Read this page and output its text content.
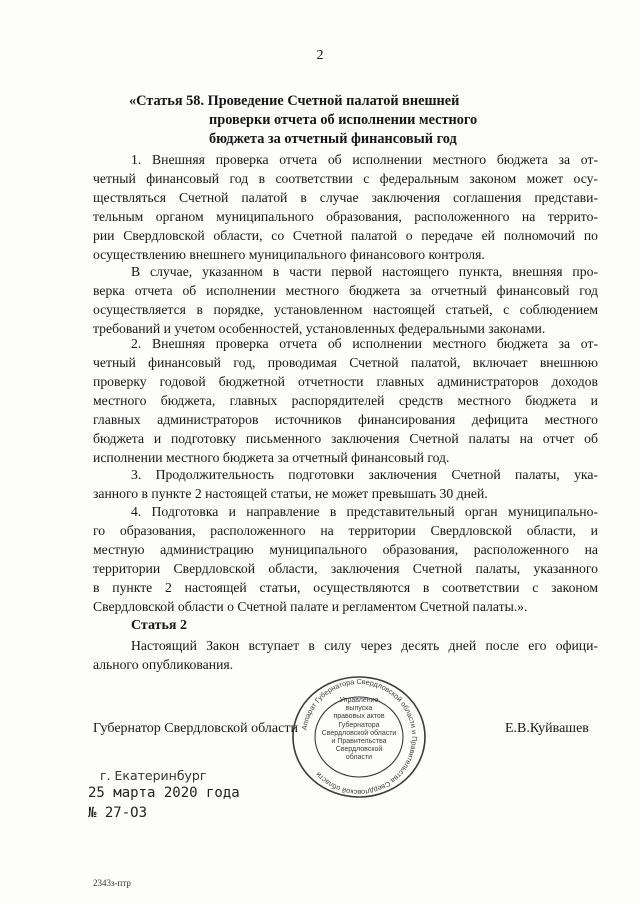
2
«Статья 58. Проведение Счетной палатой внешней
проверки отчета об исполнении местного
бюджета за отчетный финансовый год
1. Внешняя проверка отчета об исполнении местного бюджета за от-
четный финансовый год в соответствии с федеральным законом может осу-
ществляться Счетной палатой в случае заключения соглашения представи-
тельным органом муниципального образования, расположенного на террито-
рии Свердловской области, со Счетной палатой о передаче ей полномочий по
осуществлению внешнего муниципального финансового контроля.
В случае, указанном в части первой настоящего пункта, внешняя про-
верка отчета об исполнении местного бюджета за отчетный финансовый год
осуществляется в порядке, установленном настоящей статьей, с соблюдением
требований и учетом особенностей, установленных федеральными законами.
2. Внешняя проверка отчета об исполнении местного бюджета за от-
четный финансовый год, проводимая Счетной палатой, включает внешнюю
проверку годовой бюджетной отчетности главных администраторов доходов
местного бюджета, главных распорядителей средств местного бюджета и
главных администраторов источников финансирования дефицита местного
бюджета и подготовку письменного заключения Счетной палаты на отчет об
исполнении местного бюджета за отчетный финансовый год.
3. Продолжительность подготовки заключения Счетной палаты, ука-
занного в пункте 2 настоящей статьи, не может превышать 30 дней.
4. Подготовка и направление в представительный орган муниципально-
го образования, расположенного на территории Свердловской области, и
местную администрацию муниципального образования, расположенного на
территории Свердловской области, заключения Счетной палаты, указанного
в пункте 2 настоящей статьи, осуществляются в соответствии с законом
Свердловской области о Счетной палате и регламентом Счетной палаты.».
Статья 2
Настоящий Закон вступает в силу через десять дней после его офици-
ального опубликования.
Губернатор Свердловской области	Е.В.Куйвашев
Аппарат Губернатора Свердловской области и Правительства Свердловской области
Управление
выпуска
правовых актов
Губернатора
Свердловской области
и Правительства
Свердловской
области
г. Екатеринбург
25 марта 2020 года
№ 27-ОЗ
2343з-птр
